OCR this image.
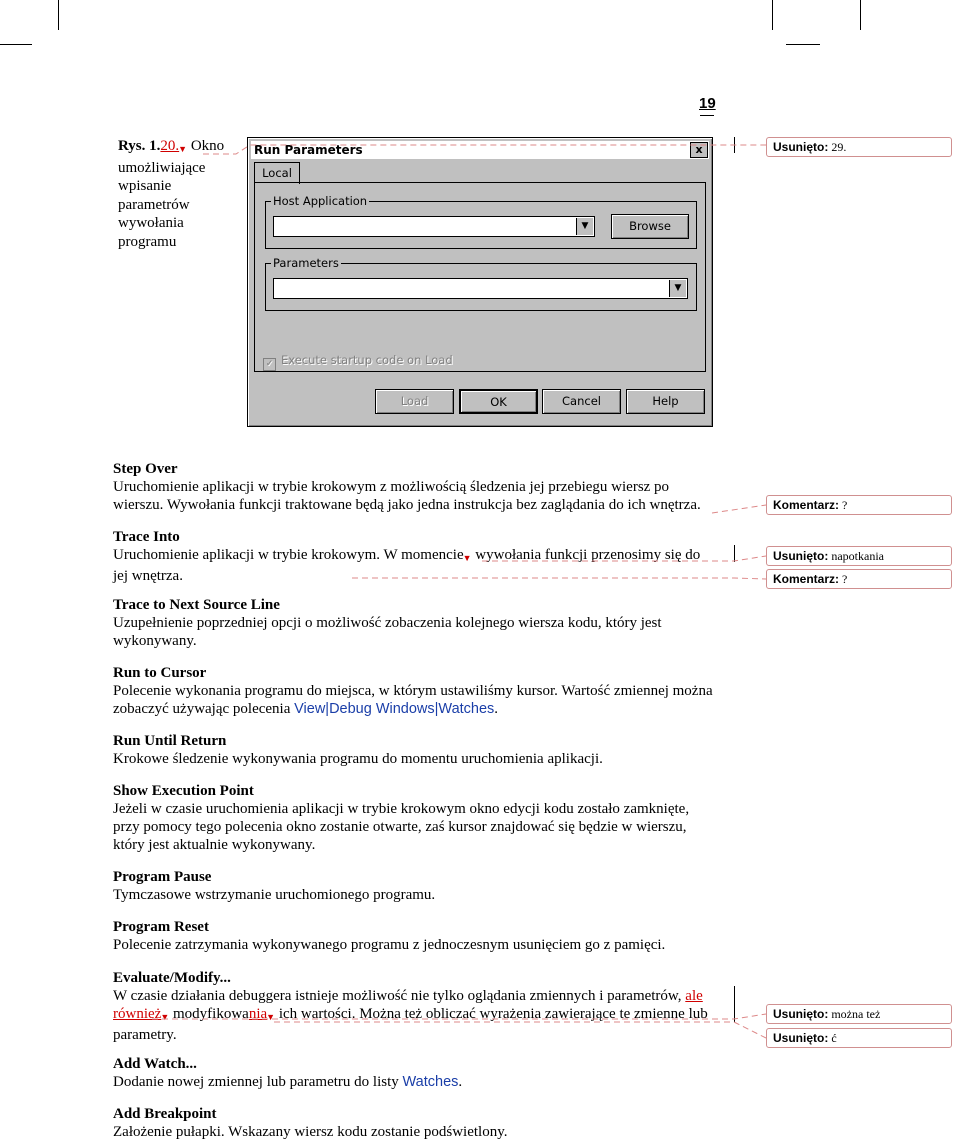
19
Rys. 1.20.▼ Okno umożliwiające wpisanie parametrów wywołania programu
Run Parameters	x
Local
Host Application
▼	Browse
Parameters
▼
✓ Execute startup code on Load
Load	OK	Cancel	Help
Step Over
Uruchomienie aplikacji w trybie krokowym z możliwością śledzenia jej przebiegu wiersz po wierszu. Wywołania funkcji traktowane będą jako jedna instrukcja bez zaglądania do ich wnętrza.
Trace Into
Uruchomienie aplikacji w trybie krokowym. W momencie▼ wywołania funkcji przenosimy się do jej wnętrza.
Trace to Next Source Line
Uzupełnienie poprzedniej opcji o możliwość zobaczenia kolejnego wiersza kodu, który jest wykonywany.
Run to Cursor
Polecenie wykonania programu do miejsca, w którym ustawiliśmy kursor. Wartość zmiennej można zobaczyć używając polecenia View|Debug Windows|Watches.
Run Until Return
Krokowe śledzenie wykonywania programu do momentu uruchomienia aplikacji.
Show Execution Point
Jeżeli w czasie uruchomienia aplikacji w trybie krokowym okno edycji kodu zostało zamknięte, przy pomocy tego polecenia okno zostanie otwarte, zaś kursor znajdować się będzie w wierszu, który jest aktualnie wykonywany.
Program Pause
Tymczasowe wstrzymanie uruchomionego programu.
Program Reset
Polecenie zatrzymania wykonywanego programu z jednoczesnym usunięciem go z pamięci.
Evaluate/Modify...
W czasie działania debuggera istnieje możliwość nie tylko oglądania zmiennych i parametrów, ale również▼ modyfikowania▼ ich wartości. Można też obliczać wyrażenia zawierające te zmienne lub parametry.
Add Watch...
Dodanie nowej zmiennej lub parametru do listy Watches.
Add Breakpoint
Założenie pułapki. Wskazany wiersz kodu zostanie podświetlony.
Usunięto: 29.
Komentarz: ?
Usunięto: napotkania
Komentarz: ?
Usunięto: można też
Usunięto: ć
